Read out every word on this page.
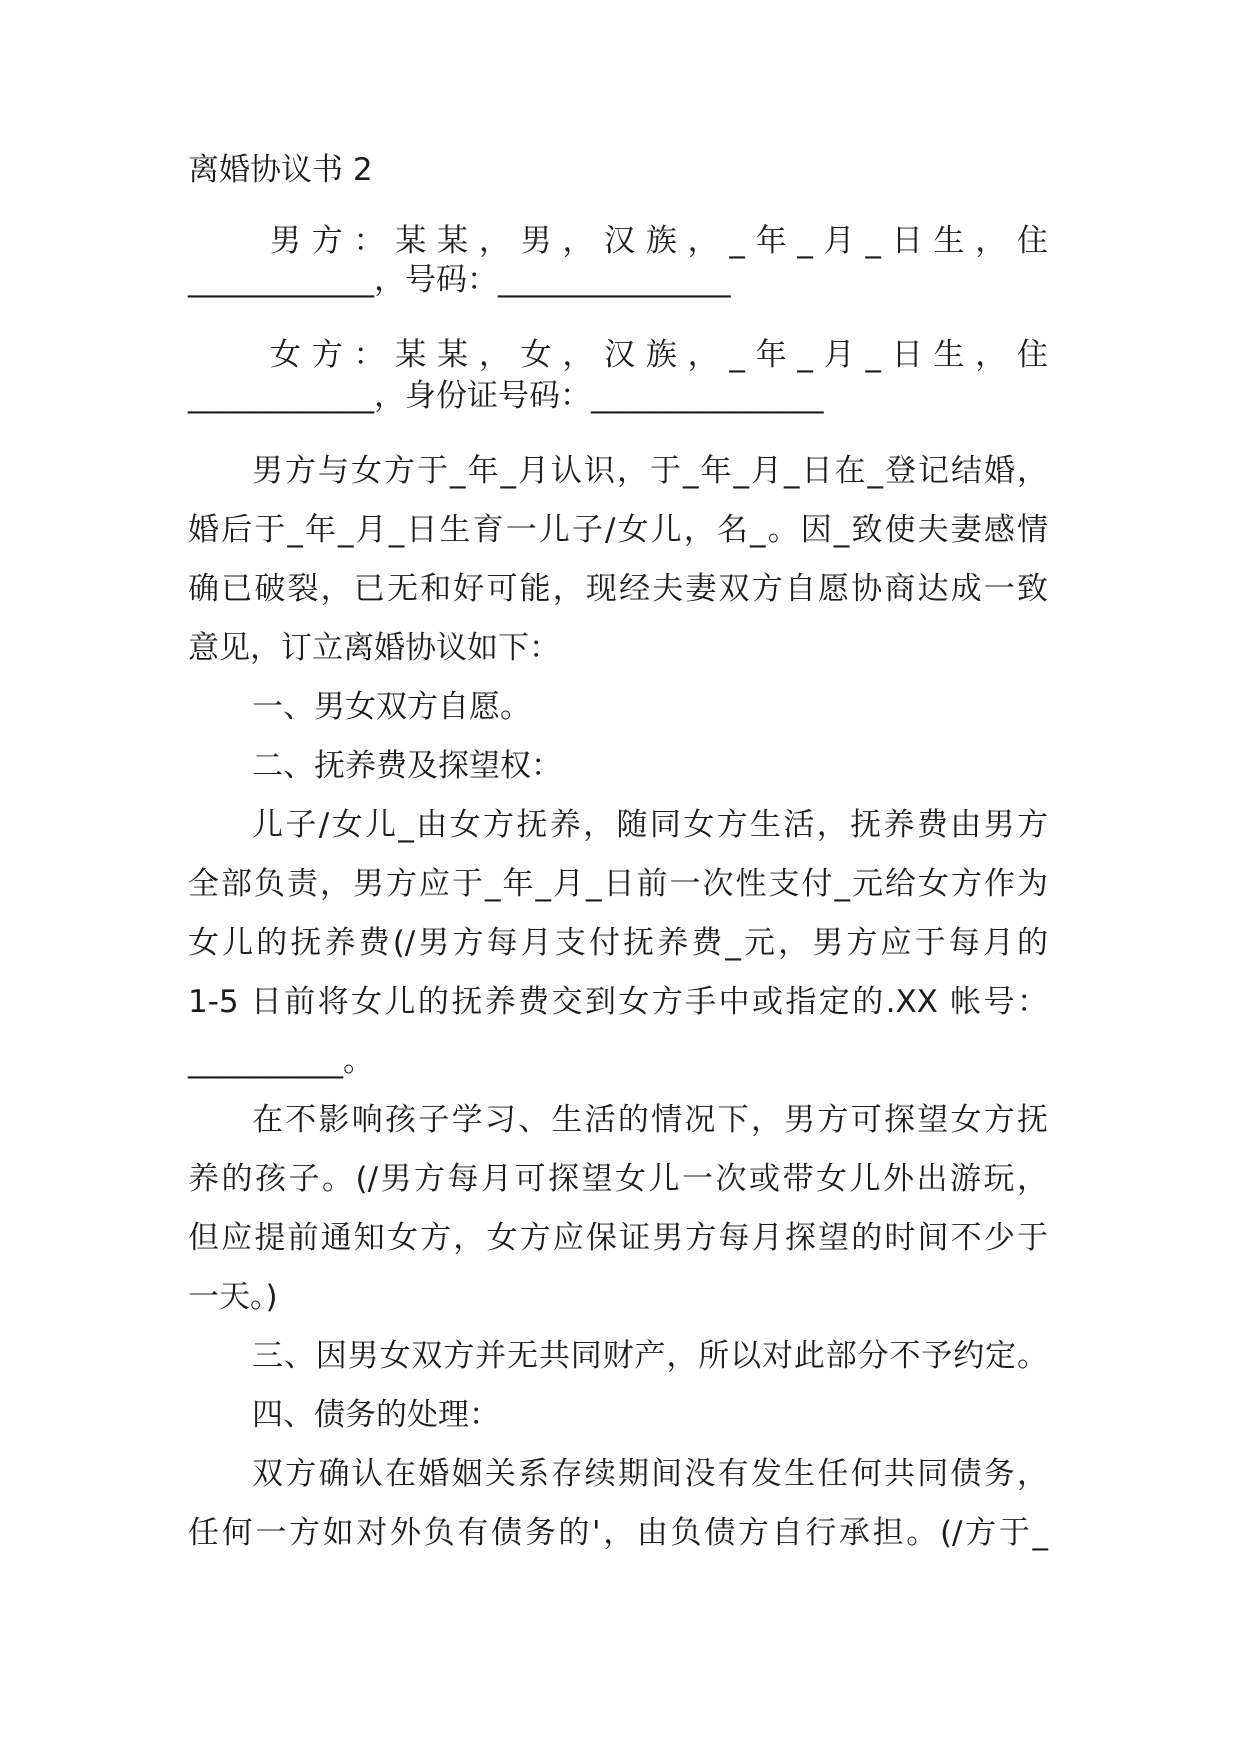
离婚协议书 2
男方：某某，男，汉族，_年_月_日生，住
____________，号码：_______________
女方：某某，女，汉族，_年_月_日生，住
____________，身份证号码：_______________
男方与女方于_年_月认识，于_年_月_日在_登记结婚，
婚后于_年_月_日生育一儿子/女儿，名_。因_致使夫妻感情
确已破裂，已无和好可能，现经夫妻双方自愿协商达成一致
意见，订立离婚协议如下：
一、男女双方自愿。
二、抚养费及探望权：
儿子/女儿_由女方抚养，随同女方生活，抚养费由男方
全部负责，男方应于_年_月_日前一次性支付_元给女方作为
女儿的抚养费(/男方每月支付抚养费_元，男方应于每月的
1-5 日前将女儿的抚养费交到女方手中或指定的.XX 帐号：
__________。
在不影响孩子学习、生活的情况下，男方可探望女方抚
养的孩子。(/男方每月可探望女儿一次或带女儿外出游玩，
但应提前通知女方，女方应保证男方每月探望的时间不少于
一天。)
三、因男女双方并无共同财产，所以对此部分不予约定。
四、债务的处理：
双方确认在婚姻关系存续期间没有发生任何共同债务，
任何一方如对外负有债务的'，由负债方自行承担。(/方于_
